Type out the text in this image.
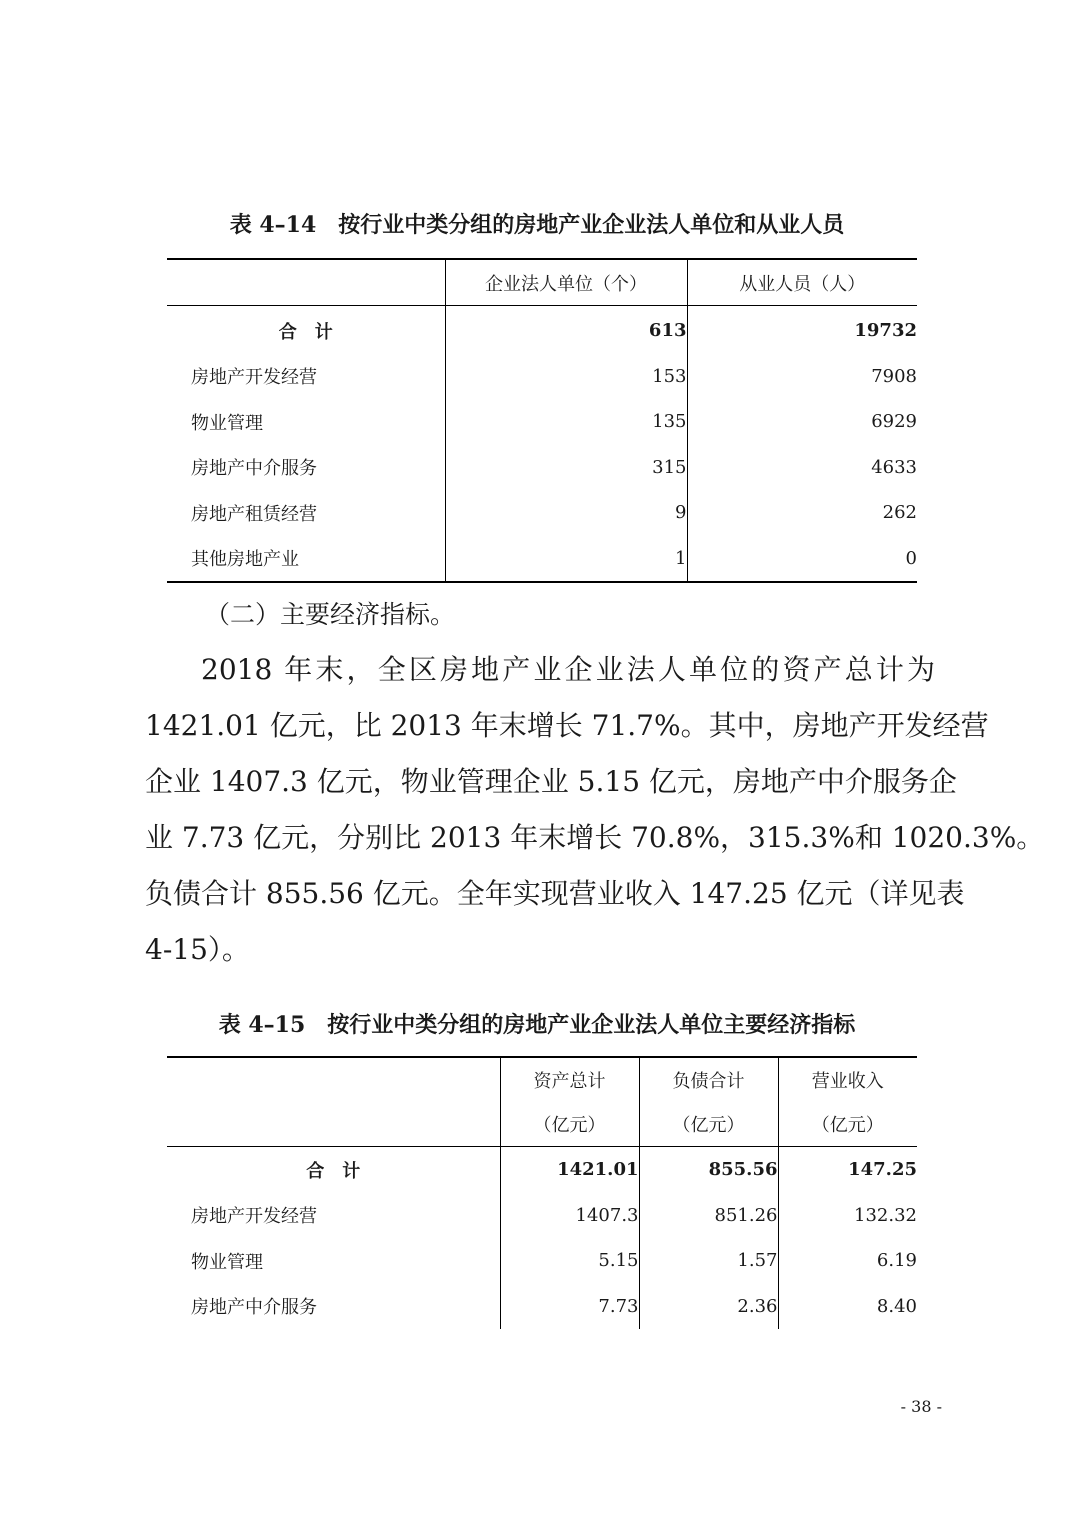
表 4–14　按行业中类分组的房地产业企业法人单位和从业人员
	企业法人单位（个）	从业人员（人）
合　计	613	19732
房地产开发经营	153	7908
物业管理	135	6929
房地产中介服务	315	4633
房地产租赁经营	9	262
其他房地产业	1	0
（二）主要经济指标。
2018 年末，全区房地产业企业法人单位的资产总计为
1421.01 亿元，比 2013 年末增长 71.7%。其中，房地产开发经营
企业 1407.3 亿元，物业管理企业 5.15 亿元，房地产中介服务企
业 7.73 亿元，分别比 2013 年末增长 70.8%，315.3%和 1020.3%。
负债合计 855.56 亿元。全年实现营业收入 147.25 亿元（详见表
4-15）。
表 4–15　按行业中类分组的房地产业企业法人单位主要经济指标
	资产总计	负债合计	营业收入
	（亿元）	（亿元）	（亿元）
合　计	1421.01	855.56	147.25
房地产开发经营	1407.3	851.26	132.32
物业管理	5.15	1.57	6.19
房地产中介服务	7.73	2.36	8.40
- 38 -
